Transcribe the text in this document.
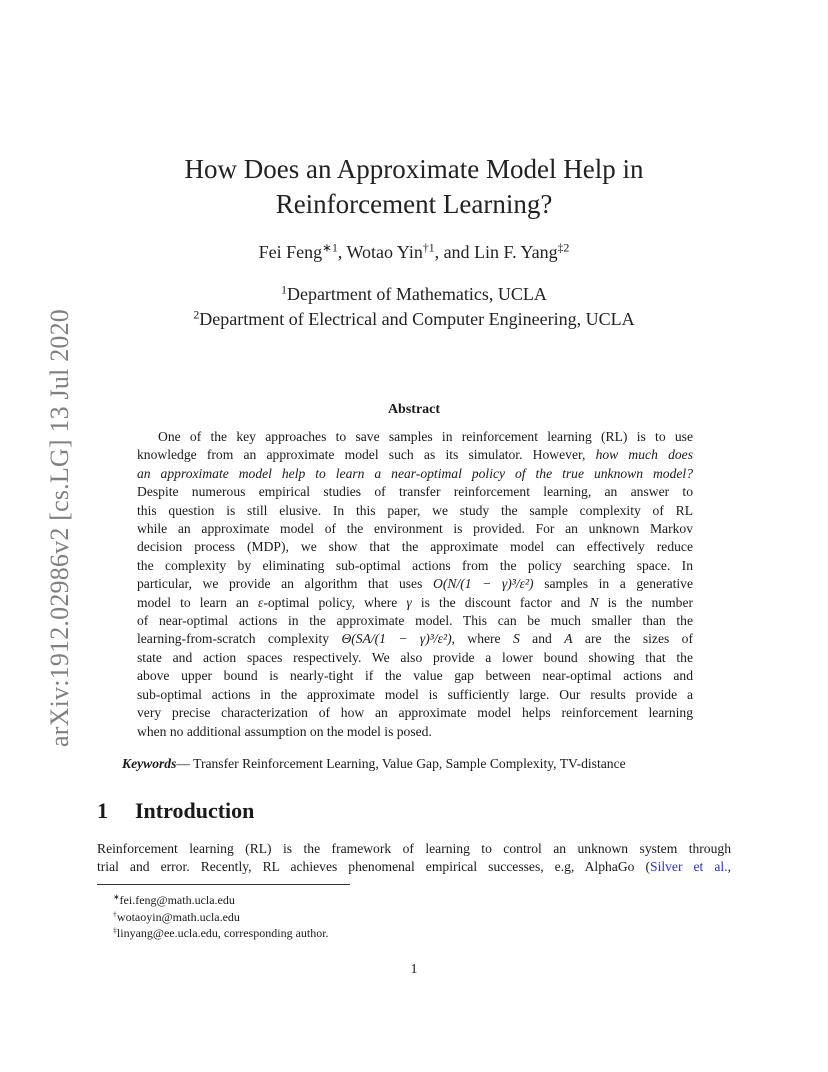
arXiv:1912.02986v2 [cs.LG] 13 Jul 2020
How Does an Approximate Model Help in
Reinforcement Learning?
Fei Feng$^{∗1}$, Wotao Yin$^{\dagger 1}$, and Lin F. Yang$^{\ddagger 2}$
$^1$Department of Mathematics, UCLA
$^2$Department of Electrical and Computer Engineering, UCLA
Abstract
One of the key approaches to save samples in reinforcement learning (RL) is to use
knowledge from an approximate model such as its simulator. However, how much does
an approximate model help to learn a near-optimal policy of the true unknown model?
Despite numerous empirical studies of transfer reinforcement learning, an answer to
this question is still elusive. In this paper, we study the sample complexity of RL
while an approximate model of the environment is provided. For an unknown Markov
decision process (MDP), we show that the approximate model can effectively reduce
the complexity by eliminating sub-optimal actions from the policy searching space. In
particular, we provide an algorithm that uses O(N/(1 − γ)³/ε²) samples in a generative
model to learn an ε-optimal policy, where γ is the discount factor and N is the number
of near-optimal actions in the approximate model. This can be much smaller than the
learning-from-scratch complexity Θ(SA/(1 − γ)³/ε²), where S and A are the sizes of
state and action spaces respectively. We also provide a lower bound showing that the
above upper bound is nearly-tight if the value gap between near-optimal actions and
sub-optimal actions in the approximate model is sufficiently large. Our results provide a
very precise characterization of how an approximate model helps reinforcement learning
when no additional assumption on the model is posed.
Keywords— Transfer Reinforcement Learning, Value Gap, Sample Complexity, TV-distance
1 Introduction
Reinforcement learning (RL) is the framework of learning to control an unknown system through
trial and error. Recently, RL achieves phenomenal empirical successes, e.g, AlphaGo (Silver et al.,
∗fei.feng@math.ucla.edu
†wotaoyin@math.ucla.edu
‡linyang@ee.ucla.edu, corresponding author.
1
